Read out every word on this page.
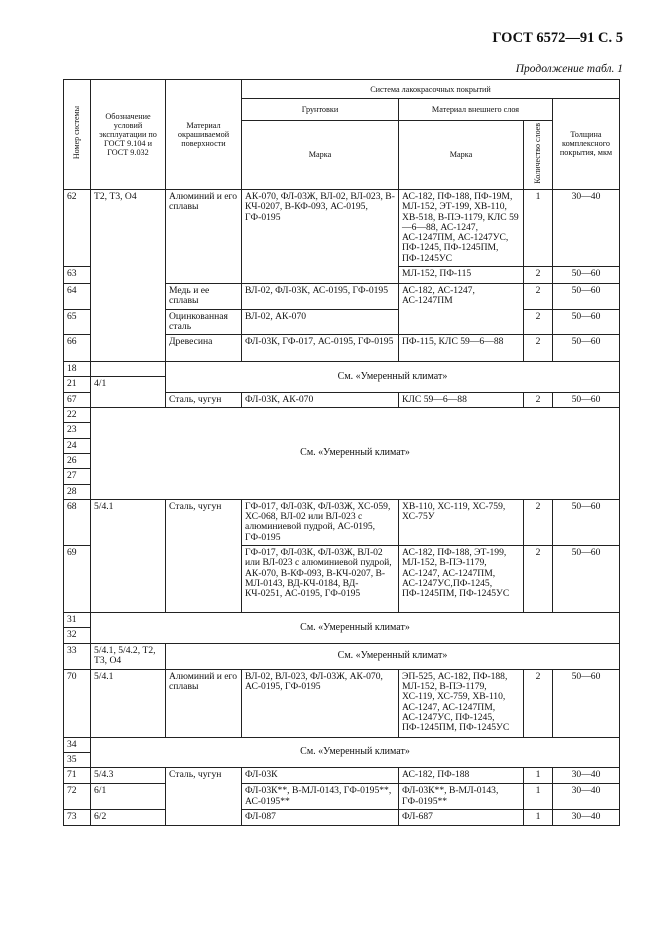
ГОСТ 6572—91 С. 5
Продолжение табл. 1
Номер системы	Обозначение условий эксплуатации по ГОСТ 9.104 и ГОСТ 9.032	Материал окрашиваемой поверхности	Система лакокрасочных покрытий			
			Грунтовки	Материал внешнего слоя		Толщина комплексного покрытия, мкм
			Марка	Марка	Количество слоев	
62	Т2, Т3, О4	Алюминий и его сплавы	АК-070, ФЛ-03Ж, ВЛ-02, ВЛ-023, В-КЧ-0207, В-КФ-093, АС-0195, ГФ-0195	АС-182, ПФ-188, ПФ-19М, МЛ-152, ЭТ-199, ХВ-110, ХВ-518, В-ПЭ-1179, КЛС 59—6—88, АС-1247, АС-1247ПМ, АС-1247УС, ПФ-1245, ПФ-1245ПМ, ПФ-1245УС	1	30—40
63				МЛ-152, ПФ-115	2	50—60
64		Медь и ее сплавы	ВЛ-02, ФЛ-03К, АС-0195, ГФ-0195	АС-182, АС-1247, АС-1247ПМ	2	50—60
65		Оцинкованная сталь	ВЛ-02, АК-070		2	50—60
66		Древесина	ФЛ-03К, ГФ-017, АС-0195, ГФ-0195	ПФ-115, КЛС 59—6—88	2	50—60
18		См. «Умеренный климат»				
21	4/1					
67		Сталь, чугун	ФЛ-03К, АК-070	КЛС 59—6—88	2	50—60
22	См. «Умеренный климат»					
23						
24						
26						
27						
28						
68	5/4.1	Сталь, чугун	ГФ-017, ФЛ-03К, ФЛ-03Ж, ХС-059, ХС-068, ВЛ-02 или ВЛ-023 с алюминиевой пудрой, АС-0195, ГФ-0195	ХВ-110, ХС-119, ХС-759, ХС-75У	2	50—60
69			ГФ-017, ФЛ-03К, ФЛ-03Ж, ВЛ-02 или ВЛ-023 с алюминиевой пудрой, АК-070, В-КФ-093, В-КЧ-0207, В-МЛ-0143, ВД-КЧ-0184, ВД-КЧ-0251, АС-0195, ГФ-0195	АС-182, ПФ-188, ЭТ-199, МЛ-152, В-ПЭ-1179, АС-1247, АС-1247ПМ, АС-1247УС,ПФ-1245, ПФ-1245ПМ, ПФ-1245УС	2	50—60
31	См. «Умеренный климат»					
32						
33	5/4.1, 5/4.2, Т2, Т3, О4	См. «Умеренный климат»				
70	5/4.1	Алюминий и его сплавы	ВЛ-02, ВЛ-023, ФЛ-03Ж, АК-070, АС-0195, ГФ-0195	ЭП-525, АС-182, ПФ-188, МЛ-152, В-ПЭ-1179, ХС-119, ХС-759, ХВ-110, АС-1247, АС-1247ПМ, АС-1247УС, ПФ-1245, ПФ-1245ПМ, ПФ-1245УС	2	50—60
34	См. «Умеренный климат»					
35						
71	5/4.3	Сталь, чугун	ФЛ-03К	АС-182, ПФ-188	1	30—40
72	6/1		ФЛ-03К**, В-МЛ-0143, ГФ-0195**, АС-0195**	ФЛ-03К**, В-МЛ-0143, ГФ-0195**	1	30—40
73	6/2		ФЛ-087	ФЛ-687	1	30—40
